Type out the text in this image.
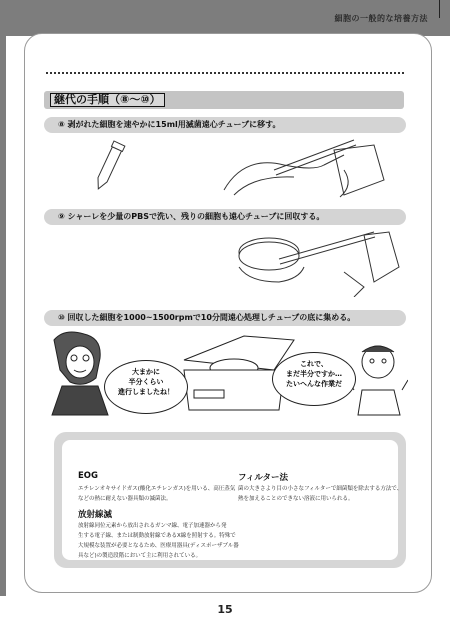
細胞の一般的な培養方法
継代の手順（⑧～⑩）
⑧ 剥がれた細胞を速やかに15ml用滅菌遠心チューブに移す。
⑨ シャーレを少量のPBSで洗い、残りの細胞も遠心チューブに回収する。
⑩ 回収した細胞を1000~1500rpmで10分間遠心処理しチューブの底に集める。
大まかに
半分くらい
進行しましたね！
これで、
まだ半分ですか…
たいへんな作業だ
EOG
エチレンオキサイドガス(酸化エチレンガス)を用いる、高圧蒸気
などの熱に耐えない器具類の滅菌法。
放射線滅
放射線同位元素から放出されるガンマ線、電子加速器から発
生する電子線、または制動放射線であるX線を照射する。特殊で
大規模な装置が必要となるため、医療用器具(ディスポーザブル器
具など)の製造段階において主に利用されている。
フィルター法
菌の大きさより目の小さなフィルターで細菌類を除去する方法で、
熱を加えることのできない溶液に用いられる。
15
